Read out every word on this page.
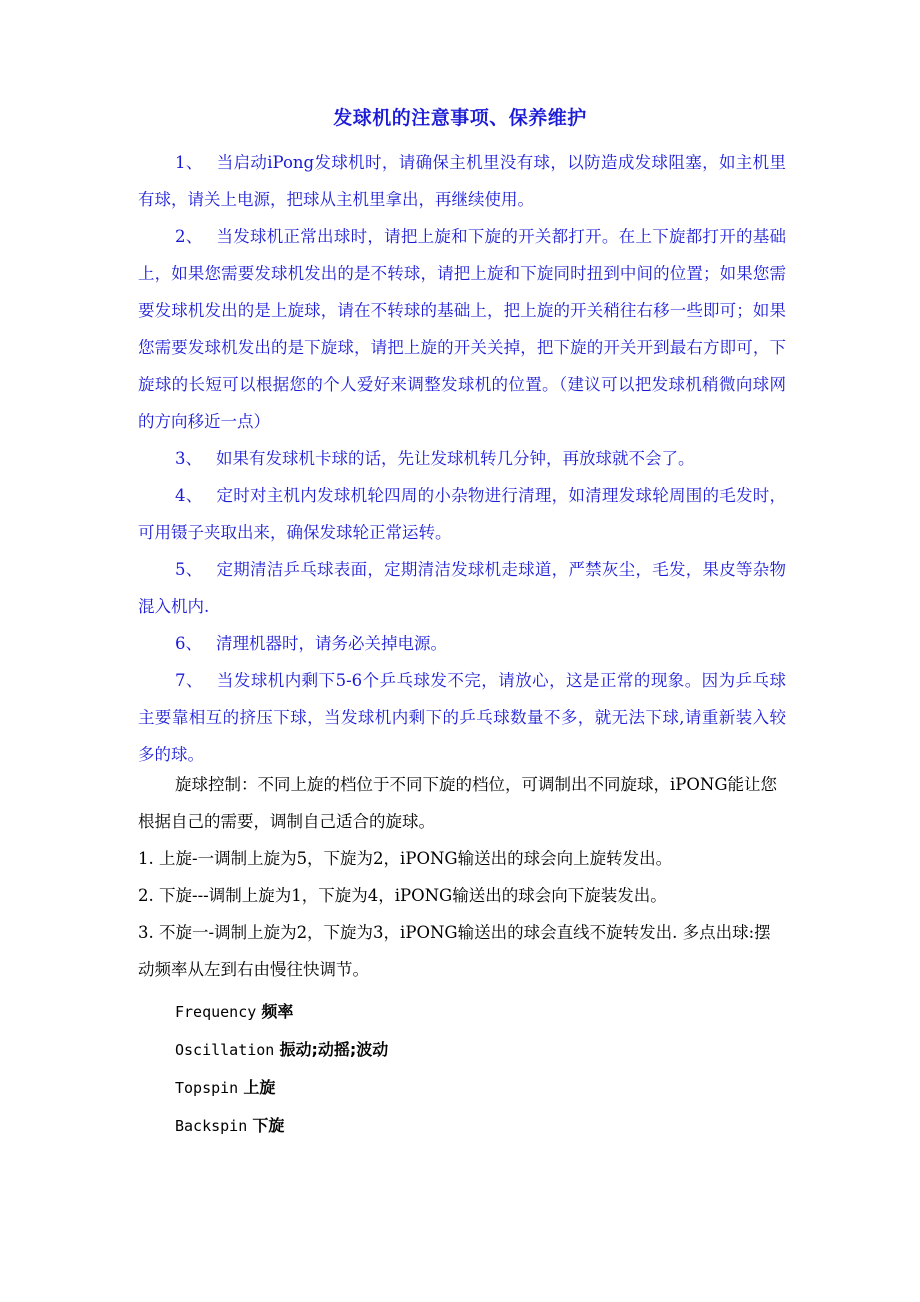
发球机的注意事项、保养维护

1、 当启动iPong发球机时，请确保主机里没有球，以防造成发球阻塞，如主机里有球，请关上电源，把球从主机里拿出，再继续使用。

2、 当发球机正常出球时，请把上旋和下旋的开关都打开。在上下旋都打开的基础上，如果您需要发球机发出的是不转球，请把上旋和下旋同时扭到中间的位置；如果您需要发球机发出的是上旋球，请在不转球的基础上，把上旋的开关稍往右移一些即可；如果您需要发球机发出的是下旋球，请把上旋的开关关掉，把下旋的开关开到最右方即可，下旋球的长短可以根据您的个人爱好来调整发球机的位置。（建议可以把发球机稍微向球网的方向移近一点）

3、 如果有发球机卡球的话，先让发球机转几分钟，再放球就不会了。

4、 定时对主机内发球机轮四周的小杂物进行清理，如清理发球轮周围的毛发时，可用镊子夹取出来，确保发球轮正常运转。

5、 定期清洁乒乓球表面，定期清洁发球机走球道，严禁灰尘，毛发，果皮等杂物混入机内.

6、 清理机器时，请务必关掉电源。

7、 当发球机内剩下5-6个乒乓球发不完，请放心，这是正常的现象。因为乒乓球主要靠相互的挤压下球，当发球机内剩下的乒乓球数量不多，就无法下球,请重新装入较多的球。

旋球控制：不同上旋的档位于不同下旋的档位，可调制出不同旋球，iPONG能让您根据自己的需要，调制自己适合的旋球。

1. 上旋-一调制上旋为5，下旋为2，iPONG输送出的球会向上旋转发出。

2. 下旋---调制上旋为1，下旋为4，iPONG输送出的球会向下旋装发出。

3. 不旋一-调制上旋为2，下旋为3，iPONG输送出的球会直线不旋转发出. 多点出球:摆动频率从左到右由慢往快调节。

Frequency 频率

Oscillation 振动;动摇;波动

Topspin 上旋

Backspin 下旋
